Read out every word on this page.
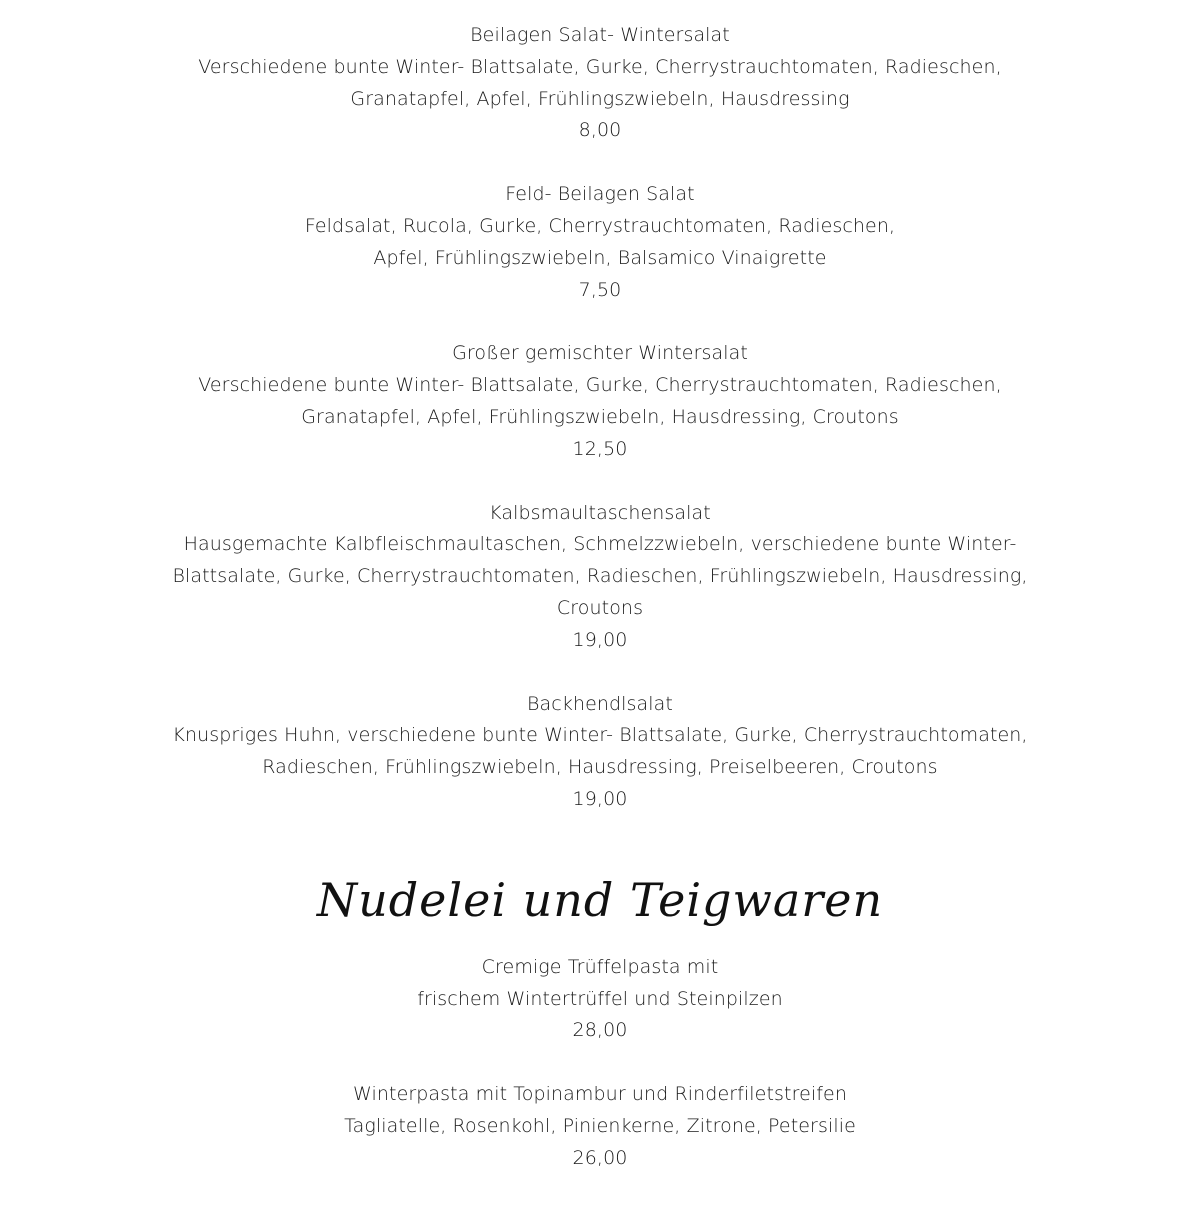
Beilagen Salat- Wintersalat
Verschiedene bunte Winter- Blattsalate, Gurke, Cherrystrauchtomaten, Radieschen,
Granatapfel, Apfel, Frühlingszwiebeln, Hausdressing
8,00
Feld- Beilagen Salat
Feldsalat, Rucola, Gurke, Cherrystrauchtomaten, Radieschen,
Apfel, Frühlingszwiebeln, Balsamico Vinaigrette
7,50
Großer gemischter Wintersalat
Verschiedene bunte Winter- Blattsalate, Gurke, Cherrystrauchtomaten, Radieschen,
Granatapfel, Apfel, Frühlingszwiebeln, Hausdressing, Croutons
12,50
Kalbsmaultaschensalat
Hausgemachte Kalbfleischmaultaschen, Schmelzzwiebeln, verschiedene bunte Winter-
Blattsalate, Gurke, Cherrystrauchtomaten, Radieschen, Frühlingszwiebeln, Hausdressing,
Croutons
19,00
Backhendlsalat
Knuspriges Huhn, verschiedene bunte Winter- Blattsalate, Gurke, Cherrystrauchtomaten,
Radieschen, Frühlingszwiebeln, Hausdressing, Preiselbeeren, Croutons
19,00
Nudelei und Teigwaren
Cremige Trüffelpasta mit
frischem Wintertrüffel und Steinpilzen
28,00
Winterpasta mit Topinambur und Rinderfiletstreifen
Tagliatelle, Rosenkohl, Pinienkerne, Zitrone, Petersilie
26,00
